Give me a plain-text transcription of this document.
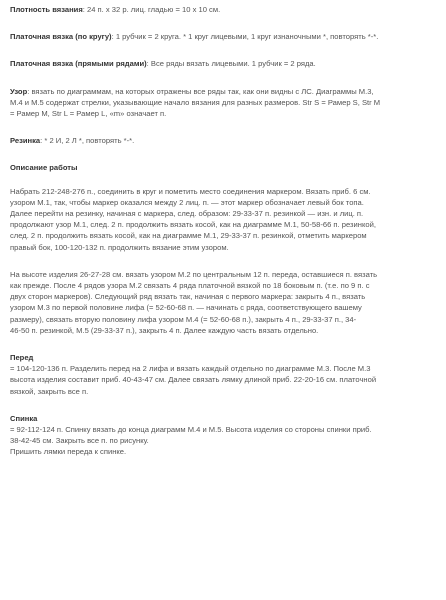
Плотность вязания: 24 п. х 32 р. лиц. гладью = 10 х 10 см.

Платочная вязка (по кругу): 1 рубчик = 2 круга. * 1 круг лицевыми, 1 круг изнаночными *, повторять *-*.

Платочная вязка (прямыми рядами): Все ряды вязать лицевыми. 1 рубчик = 2 ряда.

Узор: вязать по диаграммам, на которых отражены все ряды так, как они видны с ЛС. Диаграммы М.3,
М.4 и М.5 содержат стрелки, указывающие начало вязания для разных размеров. Str S = Рамер S, Str M
= Рамер M, Str L = Рамер L, «m» означает п.

Резинка: * 2 И, 2 Л *, повторять *-*.

Описание работы

Набрать 212-248-276 п., соединить в круг и пометить место соединения маркером. Вязать приб. 6 см.
узором М.1, так, чтобы маркер оказался между 2 лиц. п. — этот маркер обозначает левый бок топа.
Далее перейти на резинку, начиная с маркера, след. образом: 29-33-37 п. резинкой — изн. и лиц. п.
продолжают узор М.1, след. 2 п. продолжить вязать косой, как на диаграмме М.1, 50-58-66 п. резинкой,
след. 2 п. продолжить вязать косой, как на диаграмме М.1, 29-33-37 п. резинкой, отметить маркером
правый бок, 100-120-132 п. продолжить вязание этим узором.

На высоте изделия 26-27-28 см. вязать узором М.2 по центральным 12 п. переда, оставшиеся п. вязать
как прежде. После 4 рядов узора М.2 связать 4 ряда платочной вязкой по 18 боковым п. (т.е. по 9 п. с
двух сторон маркеров). Следующий ряд вязать так, начиная с первого маркера: закрыть 4 п., вязать
узором М.3 по первой половине лифа (= 52-60-68 п. — начинать с ряда, соответствующего вашему
размеру), связать вторую половину лифа узором М.4 (= 52-60-68 п.), закрыть 4 п., 29-33-37 п., 34-
46-50 п. резинкой, М.5 (29-33-37 п.), закрыть 4 п. Далее каждую часть вязать отдельно.

Перед

= 104-120-136 п. Разделить перед на 2 лифа и вязать каждый отдельно по диаграмме М.3. После М.3
высота изделия составит приб. 40-43-47 см. Далее связать лямку длиной приб. 22-20-16 см. платочной
вязкой, закрыть все п.

Спинка

= 92-112-124 п. Спинку вязать до конца диаграмм М.4 и М.5. Высота изделия со стороны спинки приб.
38-42-45 см. Закрыть все п. по рисунку.
Пришить лямки переда к спинке.
